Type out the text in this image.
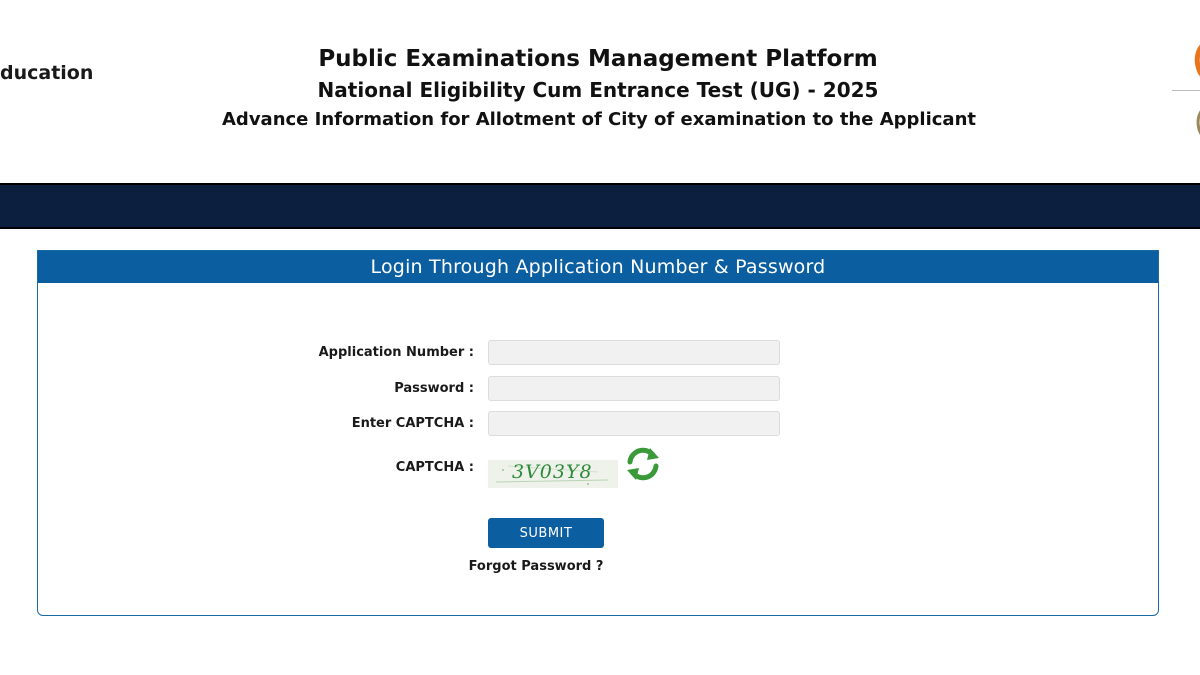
ducation
Public Examinations Management Platform
National Eligibility Cum Entrance Test (UG) - 2025
Advance Information for Allotment of City of examination to the Applicant
Login Through Application Number & Password
Application Number :
Password :
Enter CAPTCHA :
CAPTCHA : 3V03Y8
SUBMIT
Forgot Password ?
